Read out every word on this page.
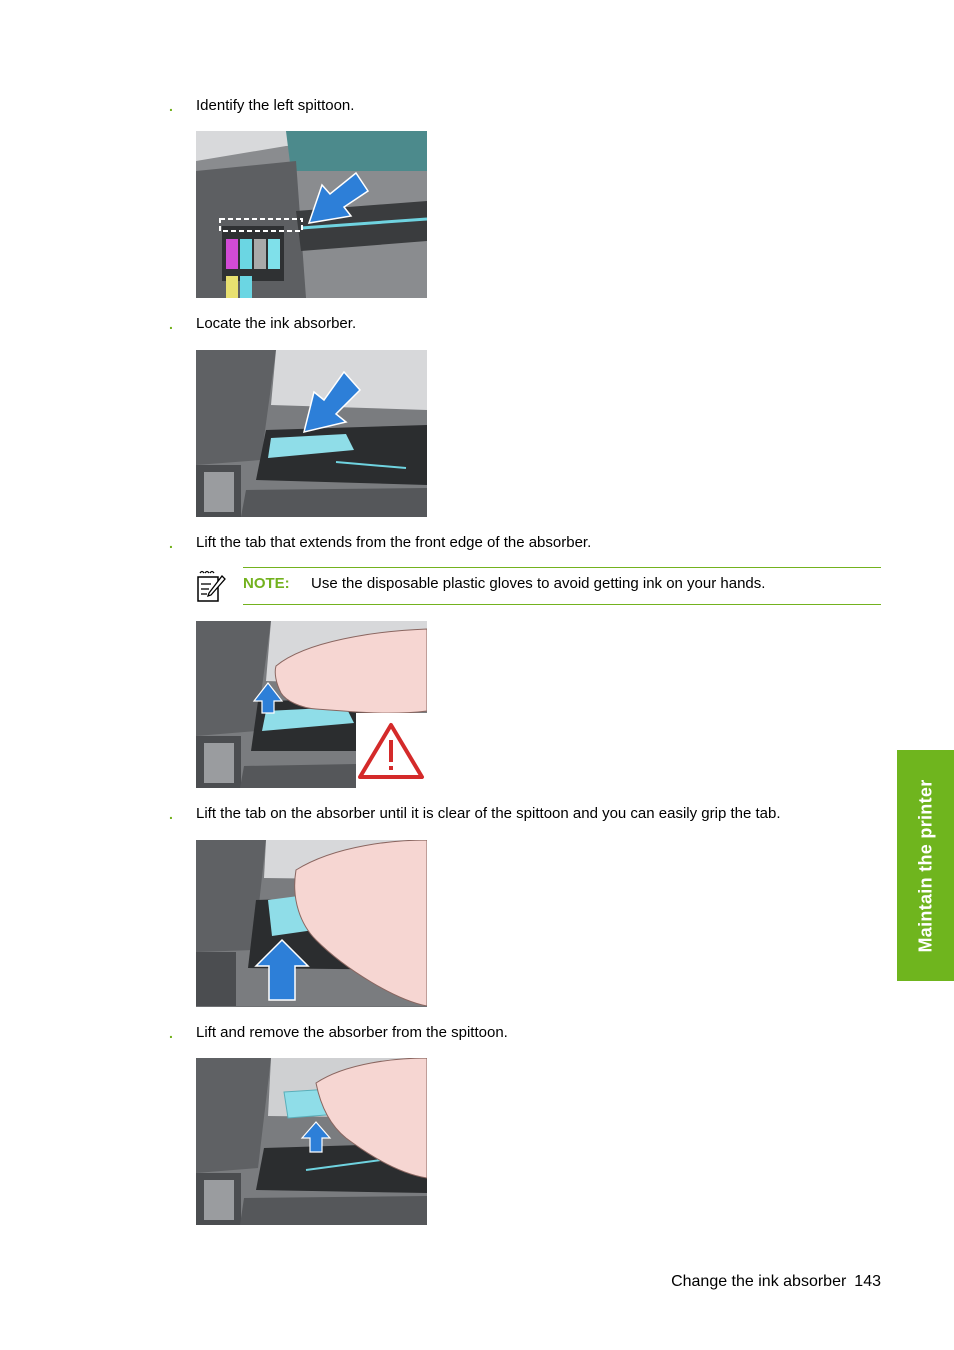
. Identify the left spittoon.
. Locate the ink absorber.
. Lift the tab that extends from the front edge of the absorber.
NOTE: Use the disposable plastic gloves to avoid getting ink on your hands.
. Lift the tab on the absorber until it is clear of the spittoon and you can easily grip the tab.
. Lift and remove the absorber from the spittoon.
Maintain the printer
Change the ink absorber 143
